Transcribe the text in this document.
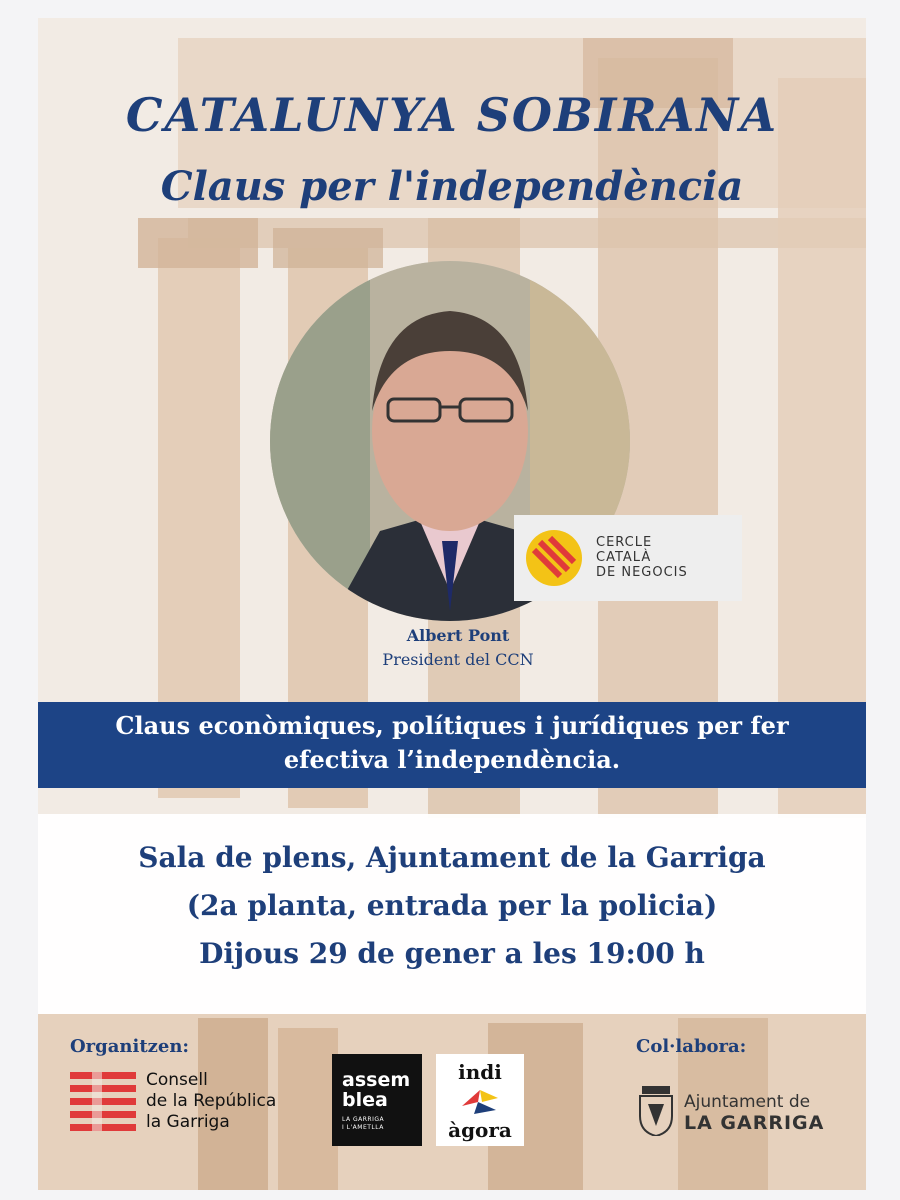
CATALUNYA SOBIRANA
Claus per l'independència
CERCLE
CATALÀ
DE NEGOCIS
Albert Pont
President del CCN
Claus econòmiques, polítiques i jurídiques per fer
efectiva l’independència.
Sala de plens, Ajuntament de la Garriga
(2a planta, entrada per la policia)
Dijous 29 de gener a les 19:00 h
Organitzen:	Col·labora:
Consell
de la República
la Garriga
assem
blea
LA GARRIGA
I L'AMETLLA
indi
àgora
Ajuntament de
LA GARRIGA
